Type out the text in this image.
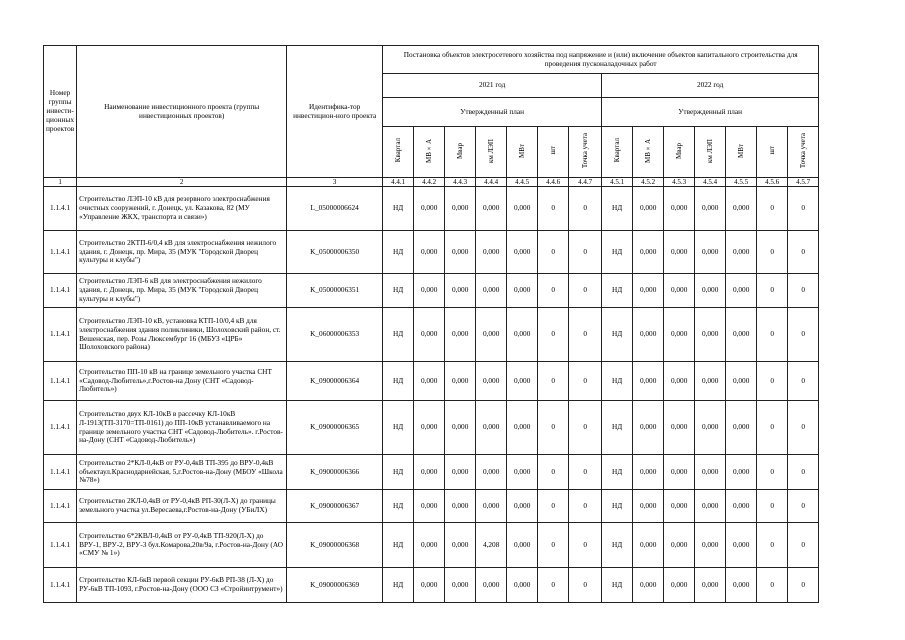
Номер группы инвести-ционных проектов	Наименование инвестиционного проекта (группы инвестиционных проектов)	Идентифика-тор инвестицион-ного проекта	Постановка объектов электросетевого хозяйства под напряжение и (или) включение объектов капитального строительства для проведения пусконаладочных работ													
			2021 год							2022 год						
			Утвержденный план							Утвержденный план						
			Квартал	МВ×А	Мвар	км ЛЭП	МВт	шт	Точка учета	Квартал	МВ×А	Мвар	км ЛЭП	МВт	шт	Точка учета
1	2	3	4.4.1	4.4.2	4.4.3	4.4.4	4.4.5	4.4.6	4.4.7	4.5.1	4.5.2	4.5.3	4.5.4	4.5.5	4.5.6	4.5.7
1.1.4.1	Строительство ЛЭП-10 кВ для резервного электроснабжения очистных сооружений, г. Донецк, ул. Казакова, 82 (МУ «Управление ЖКХ, транспорта и связи»)	L_05000006624	НД	0,000	0,000	0,000	0,000	0	0	НД	0,000	0,000	0,000	0,000	0	0
1.1.4.1	Строительство 2КТП-6/0,4 кВ для электроснабжения нежилого здания, г. Донецк, пр. Мира, 35 (МУК "Городской Дворец культуры и клубы")	K_05000006350	НД	0,000	0,000	0,000	0,000	0	0	НД	0,000	0,000	0,000	0,000	0	0
1.1.4.1	Строительство ЛЭП-6 кВ для электроснабжения нежилого здания, г. Донецк, пр. Мира, 35 (МУК "Городской Дворец культуры и клубы")	K_05000006351	НД	0,000	0,000	0,000	0,000	0	0	НД	0,000	0,000	0,000	0,000	0	0
1.1.4.1	Строительство ЛЭП-10 кВ, установка КТП-10/0,4 кВ для электроснабжения здания поликлиники, Шолоховский район, ст. Вешенская, пер. Розы Люксембург 16 (МБУЗ «ЦРБ» Шолоховского района)	K_06000006353	НД	0,000	0,000	0,000	0,000	0	0	НД	0,000	0,000	0,000	0,000	0	0
1.1.4.1	Строительство ПП-10 кВ на границе земельного участка СНТ «Садовод-Любитель»,г.Ростов-на Дону (СНТ «Садовод-Любитель»)	K_09000006364	НД	0,000	0,000	0,000	0,000	0	0	НД	0,000	0,000	0,000	0,000	0	0
1.1.4.1	Строительство двух КЛ-10кВ в рассечку КЛ-10кВ Л-1913(ТП-3170=ТП-0161) до ПП-10кВ устанавливаемого на границе земельного участка СНТ «Садовод-Любитель». г.Ростов-на-Дону (СНТ «Садовод-Любитель»)	K_09000006365	НД	0,000	0,000	0,000	0,000	0	0	НД	0,000	0,000	0,000	0,000	0	0
1.1.4.1	Строительство 2*КЛ-0,4кВ от РУ-0,4кВ ТП-395 до ВРУ-0,4кВ объектаул.Краснодарнейская, 5,г.Ростов-на-Дону (МБОУ «Школа №78»)	K_09000006366	НД	0,000	0,000	0,000	0,000	0	0	НД	0,000	0,000	0,000	0,000	0	0
1.1.4.1	Строительство 2КЛ-0,4кВ от РУ-0,4кВ РП-30(Л-Х) до границы земельного участка ул.Вересаева,г.Ростов-на-Дону (УБиЛХ)	K_09000006367	НД	0,000	0,000	0,000	0,000	0	0	НД	0,000	0,000	0,000	0,000	0	0
1.1.4.1	Строительство 6*2КВЛ-0,4кВ от РУ-0,4кВ ТП-920(Л-Х) до ВРУ-1, ВРУ-2, ВРУ-3 бул.Комарова,20в/9а, г.Ростов-на-Дону (АО «СМУ № 1»)	K_09000006368	НД	0,000	0,000	4,208	0,000	0	0	НД	0,000	0,000	0,000	0,000	0	0
1.1.4.1	Строительство КЛ-6кВ первой секции РУ-6кВ РП-38 (Л-Х) до РУ-6кВ ТП-1093, г.Ростов-на-Дону (ООО СЗ «Стройинтрумент»)	K_09000006369	НД	0,000	0,000	0,000	0,000	0	0	НД	0,000	0,000	0,000	0,000	0	0
